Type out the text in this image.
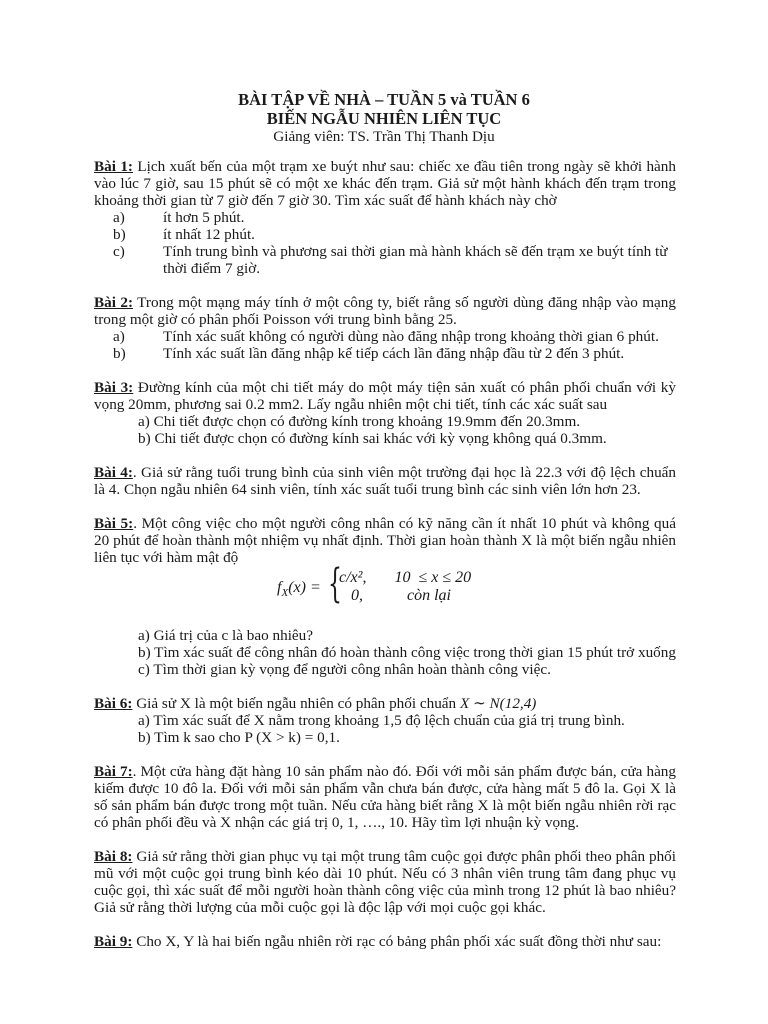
BÀI TẬP VỀ NHÀ – TUẦN 5 và TUẦN 6
BIẾN NGẪU NHIÊN LIÊN TỤC
Giảng viên: TS. Trần Thị Thanh Dịu

Bài 1: Lịch xuất bến của một trạm xe buýt như sau: chiếc xe đầu tiên trong ngày sẽ khởi hành vào lúc 7 giờ, sau 15 phút sẽ có một xe khác đến trạm. Giả sử một hành khách đến trạm trong khoảng thời gian từ 7 giờ đến 7 giờ 30. Tìm xác suất để hành khách này chờ

a)	ít hơn 5 phút.
b) ít nhất 12 phút.
c)	Tính trung bình và phương sai thời gian mà hành khách sẽ đến trạm xe buýt tính từ thời điểm 7 giờ.

Bài 2: Trong một mạng máy tính ở một công ty, biết rằng số người dùng đăng nhập vào mạng trong một giờ có phân phối Poisson với trung bình bằng 25.

a)	Tính xác suất không có người dùng nào đăng nhập trong khoảng thời gian 6 phút.
b) Tính xác suất lần đăng nhập kế tiếp cách lần đăng nhập đầu từ 2 đến 3 phút.

Bài 3: Đường kính của một chi tiết máy do một máy tiện sản xuất có phân phối chuẩn với kỳ vọng 20mm, phương sai 0.2 mm2. Lấy ngẫu nhiên một chi tiết, tính các xác suất sau

a) Chi tiết được chọn có đường kính trong khoảng 19.9mm đến 20.3mm.
b) Chi tiết được chọn có đường kính sai khác với kỳ vọng không quá 0.3mm.

Bài 4:. Giả sử rằng tuổi trung bình của sinh viên một trường đại học là 22.3 với độ lệch chuẩn là 4. Chọn ngẫu nhiên 64 sinh viên, tính xác suất tuổi trung bình các sinh viên lớn hơn 23.

Bài 5:. Một công việc cho một người công nhân có kỹ năng cần ít nhất 10 phút và không quá 20 phút để hoàn thành một nhiệm vụ nhất định. Thời gian hoàn thành X là một biến ngẫu nhiên liên tục với hàm mật độ

$f_X(x)$ = {
c/x²,       10  ≤ x ≤ 20
0,           còn lại
a) Giá trị của c là bao nhiêu?
b) Tìm xác suất để công nhân đó hoàn thành công việc trong thời gian 15 phút trở xuống
c) Tìm thời gian kỳ vọng để người công nhân hoàn thành công việc.

Bài 6: Giả sử X là một biến ngẫu nhiên có phân phối chuẩn X ∼ N(12,4)

a) Tìm xác suất để X nằm trong khoảng 1,5 độ lệch chuẩn của giá trị trung bình.
b) Tìm k sao cho P (X > k) = 0,1.

Bài 7:. Một cửa hàng đặt hàng 10 sản phẩm nào đó. Đối với mỗi sản phẩm được bán, cửa hàng kiếm được 10 đô la. Đối với mỗi sản phẩm vẫn chưa bán được, cửa hàng mất 5 đô la. Gọi X là số sản phẩm bán được trong một tuần. Nếu cửa hàng biết rằng X là một biến ngẫu nhiên rời rạc có phân phối đều và X nhận các giá trị 0, 1, …., 10. Hãy tìm lợi nhuận kỳ vọng.

Bài 8: Giả sử rằng thời gian phục vụ tại một trung tâm cuộc gọi được phân phối theo phân phối mũ với một cuộc gọi trung bình kéo dài 10 phút. Nếu có 3 nhân viên trung tâm đang phục vụ cuộc gọi, thì xác suất để mỗi người hoàn thành công việc của mình trong 12 phút là bao nhiêu? Giả sử rằng thời lượng của mỗi cuộc gọi là độc lập với mọi cuộc gọi khác.

Bài 9: Cho X, Y là hai biến ngẫu nhiên rời rạc có bảng phân phối xác suất đồng thời như sau:
